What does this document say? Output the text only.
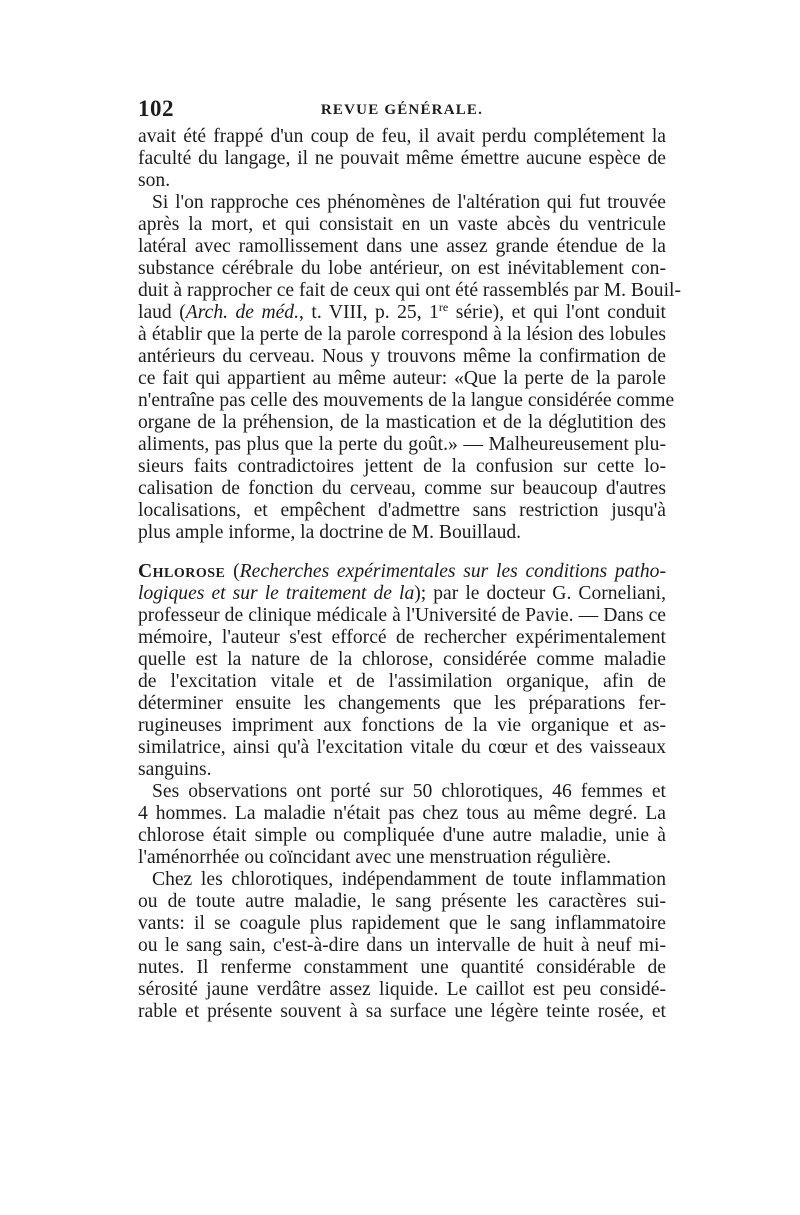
102	REVUE GÉNÉRALE.
avait été frappé d'un coup de feu, il avait perdu complétement la
faculté du langage, il ne pouvait même émettre aucune espèce de
son.
Si l'on rapproche ces phénomènes de l'altération qui fut trouvée
après la mort, et qui consistait en un vaste abcès du ventricule
latéral avec ramollissement dans une assez grande étendue de la
substance cérébrale du lobe antérieur, on est inévitablement con-
duit à rapprocher ce fait de ceux qui ont été rassemblés par M. Bouil-
laud (Arch. de méd., t. VIII, p. 25, 1re série), et qui l'ont conduit
à établir que la perte de la parole correspond à la lésion des lobules
antérieurs du cerveau. Nous y trouvons même la confirmation de
ce fait qui appartient au même auteur: «Que la perte de la parole
n'entraîne pas celle des mouvements de la langue considérée comme
organe de la préhension, de la mastication et de la déglutition des
aliments, pas plus que la perte du goût.» — Malheureusement plu-
sieurs faits contradictoires jettent de la confusion sur cette lo-
calisation de fonction du cerveau, comme sur beaucoup d'autres
localisations, et empêchent d'admettre sans restriction jusqu'à
plus ample informe, la doctrine de M. Bouillaud.
Chlorose (Recherches expérimentales sur les conditions patho-
logiques et sur le traitement de la); par le docteur G. Corneliani,
professeur de clinique médicale à l'Université de Pavie. — Dans ce
mémoire, l'auteur s'est efforcé de rechercher expérimentalement
quelle est la nature de la chlorose, considérée comme maladie
de l'excitation vitale et de l'assimilation organique, afin de
déterminer ensuite les changements que les préparations fer-
rugineuses impriment aux fonctions de la vie organique et as-
similatrice, ainsi qu'à l'excitation vitale du cœur et des vaisseaux
sanguins.
Ses observations ont porté sur 50 chlorotiques, 46 femmes et
4 hommes. La maladie n'était pas chez tous au même degré. La
chlorose était simple ou compliquée d'une autre maladie, unie à
l'aménorrhée ou coïncidant avec une menstruation régulière.
Chez les chlorotiques, indépendamment de toute inflammation
ou de toute autre maladie, le sang présente les caractères sui-
vants: il se coagule plus rapidement que le sang inflammatoire
ou le sang sain, c'est-à-dire dans un intervalle de huit à neuf mi-
nutes. Il renferme constamment une quantité considérable de
sérosité jaune verdâtre assez liquide. Le caillot est peu considé-
rable et présente souvent à sa surface une légère teinte rosée, et
